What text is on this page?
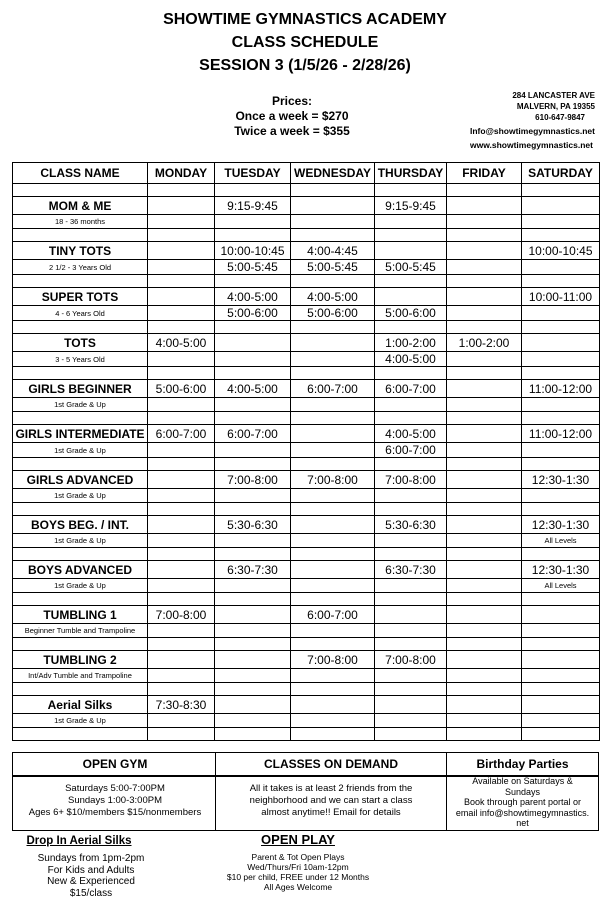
SHOWTIME GYMNASTICS ACADEMY
CLASS SCHEDULE
SESSION 3 (1/5/26 - 2/28/26)
Prices:
Once a week = $270
Twice a week = $355
284 LANCASTER AVE
MALVERN, PA 19355
610-647-9847
Info@showtimegymnastics.net
www.showtimegymnastics.net
CLASS NAME	MONDAY	TUESDAY	WEDNESDAY	THURSDAY	FRIDAY	SATURDAY

MOM & ME		9:15-9:45		9:15-9:45		
18 - 36 months						

TINY TOTS		10:00-10:45	4:00-4:45			10:00-10:45
2 1/2 - 3 Years Old		5:00-5:45	5:00-5:45	5:00-5:45		

SUPER TOTS		4:00-5:00	4:00-5:00			10:00-11:00
4 - 6 Years Old		5:00-6:00	5:00-6:00	5:00-6:00		

TOTS	4:00-5:00			1:00-2:00	1:00-2:00	
3 - 5 Years Old				4:00-5:00		

GIRLS BEGINNER	5:00-6:00	4:00-5:00	6:00-7:00	6:00-7:00		11:00-12:00
1st Grade & Up						

GIRLS INTERMEDIATE	6:00-7:00	6:00-7:00		4:00-5:00		11:00-12:00
1st Grade & Up				6:00-7:00		

GIRLS ADVANCED		7:00-8:00	7:00-8:00	7:00-8:00		12:30-1:30
1st Grade & Up						

BOYS BEG. / INT.		5:30-6:30		5:30-6:30		12:30-1:30
1st Grade & Up						All Levels

BOYS ADVANCED		6:30-7:30		6:30-7:30		12:30-1:30
1st Grade & Up						All Levels

TUMBLING 1	7:00-8:00		6:00-7:00			
Beginner Tumble and Trampoline						

TUMBLING 2			7:00-8:00	7:00-8:00		
Int/Adv Tumble and Trampoline						

Aerial Silks	7:30-8:30					
1st Grade & Up						

OPEN GYM
Saturdays 5:00-7:00PM
Sundays 1:00-3:00PM
Ages 6+ $10/members $15/nonmembers
CLASSES ON DEMAND
All it takes is at least 2 friends from the
neighborhood and we can start a class
almost anytime!! Email for details
Birthday Parties
Available on Saturdays &
Sundays
Book through parent portal or
email info@showtimegymnastics.
net
Drop In Aerial Silks
Sundays from 1pm-2pm
For Kids and Adults
New & Experienced
$15/class
OPEN PLAY
Parent & Tot Open Plays
Wed/Thurs/Fri 10am-12pm
$10 per child, FREE under 12 Months
All Ages Welcome
